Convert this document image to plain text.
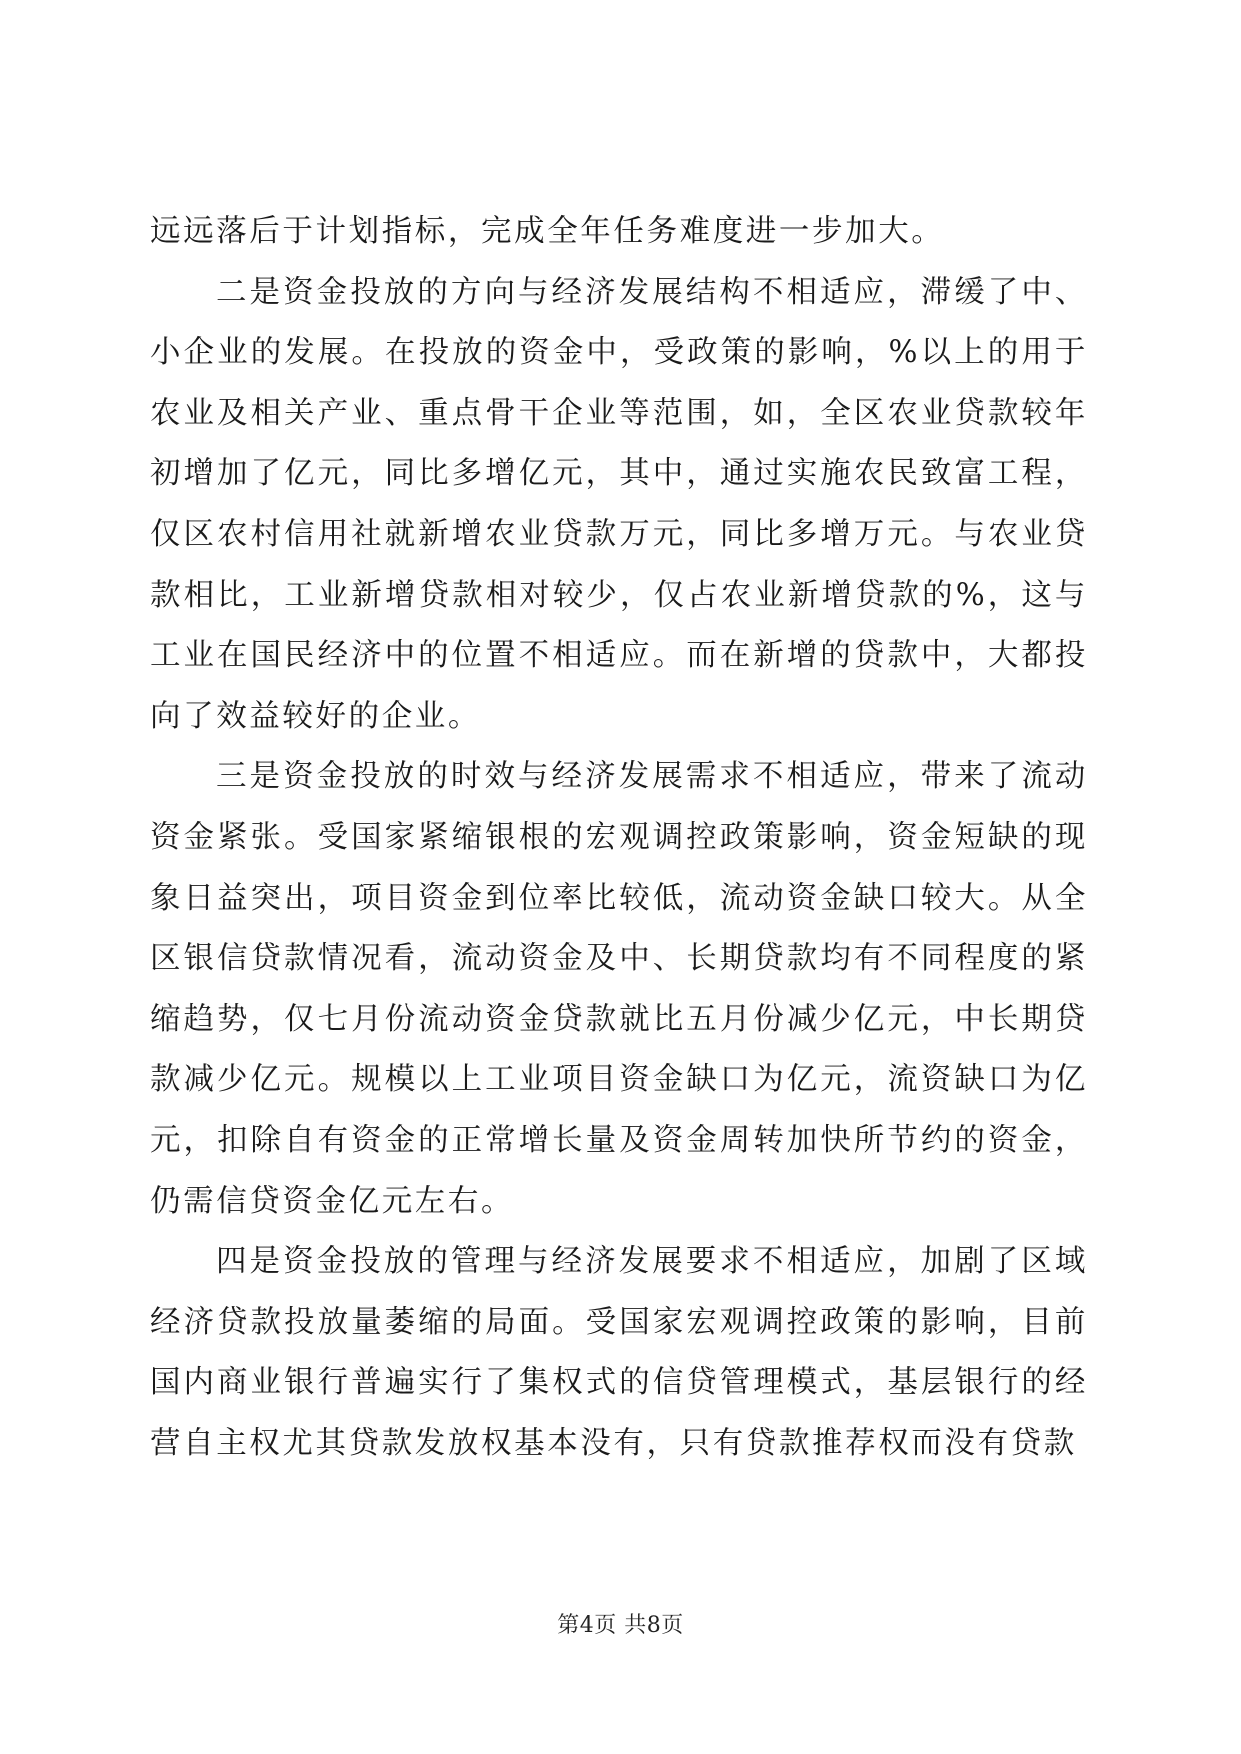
远远落后于计划指标，完成全年任务难度进一步加大。

二是资金投放的方向与经济发展结构不相适应，滞缓了中、小企业的发展。在投放的资金中，受政策的影响，%以上的用于农业及相关产业、重点骨干企业等范围，如，全区农业贷款较年初增加了亿元，同比多增亿元，其中，通过实施农民致富工程，仅区农村信用社就新增农业贷款万元，同比多增万元。与农业贷款相比，工业新增贷款相对较少，仅占农业新增贷款的%，这与工业在国民经济中的位置不相适应。而在新增的贷款中，大都投向了效益较好的企业。

三是资金投放的时效与经济发展需求不相适应，带来了流动资金紧张。受国家紧缩银根的宏观调控政策影响，资金短缺的现象日益突出，项目资金到位率比较低，流动资金缺口较大。从全区银信贷款情况看，流动资金及中、长期贷款均有不同程度的紧缩趋势，仅七月份流动资金贷款就比五月份减少亿元，中长期贷款减少亿元。规模以上工业项目资金缺口为亿元，流资缺口为亿元，扣除自有资金的正常增长量及资金周转加快所节约的资金，仍需信贷资金亿元左右。

四是资金投放的管理与经济发展要求不相适应，加剧了区域经济贷款投放量萎缩的局面。受国家宏观调控政策的影响，目前国内商业银行普遍实行了集权式的信贷管理模式，基层银行的经营自主权尤其贷款发放权基本没有，只有贷款推荐权而没有贷款

第4页 共8页
